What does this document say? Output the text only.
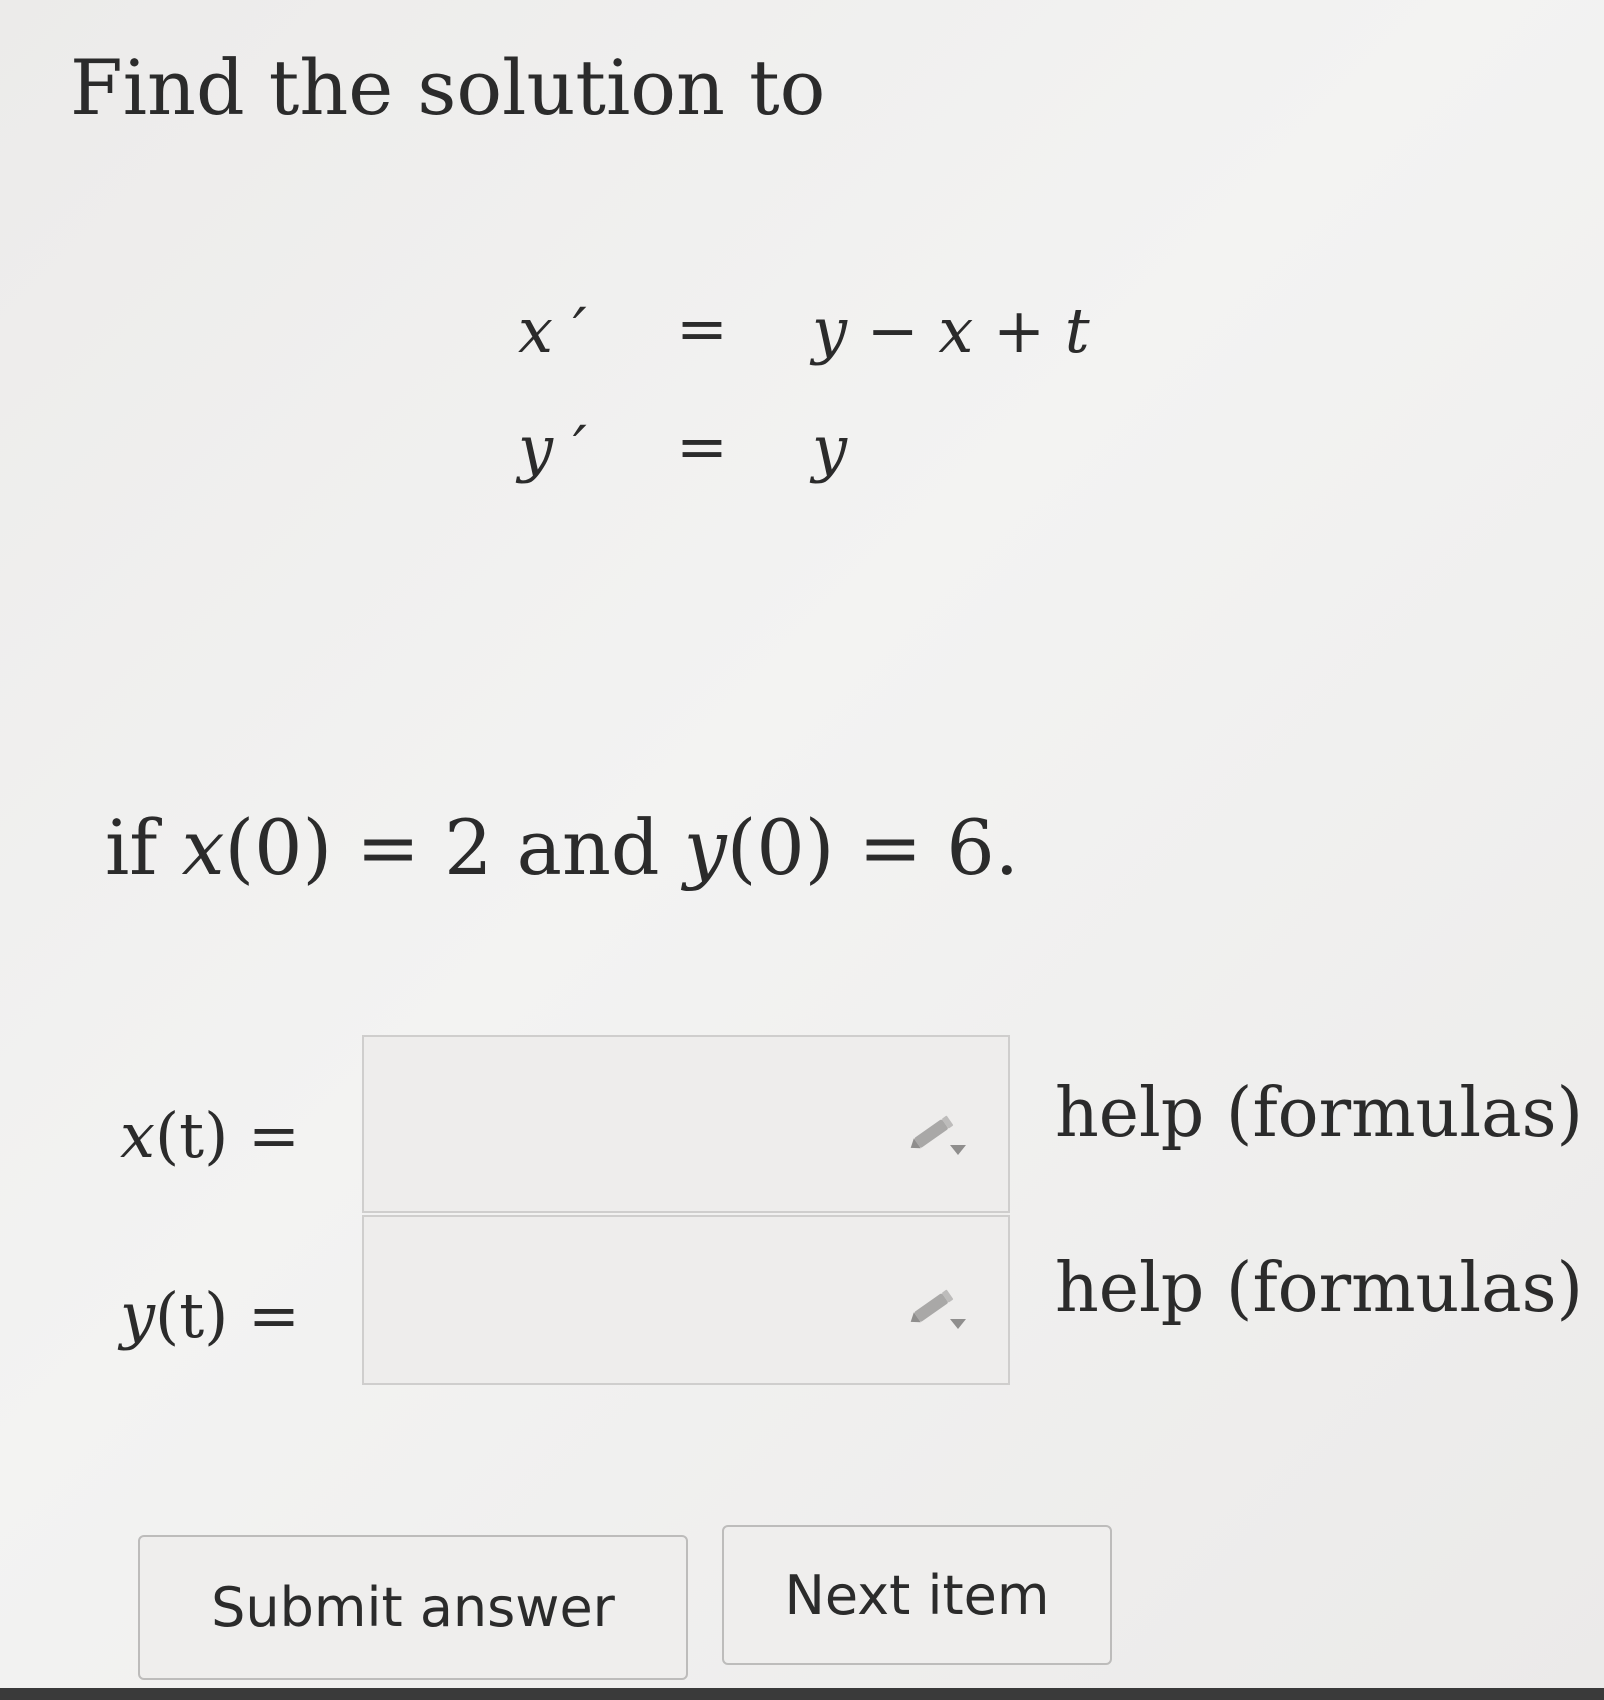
Find the solution to
x ′ = y − x + t
y ′ = y
if x(0) = 2 and y(0) = 6.
x(t) =	help (formulas)
y(t) =	help (formulas)
Submit answer	Next item
